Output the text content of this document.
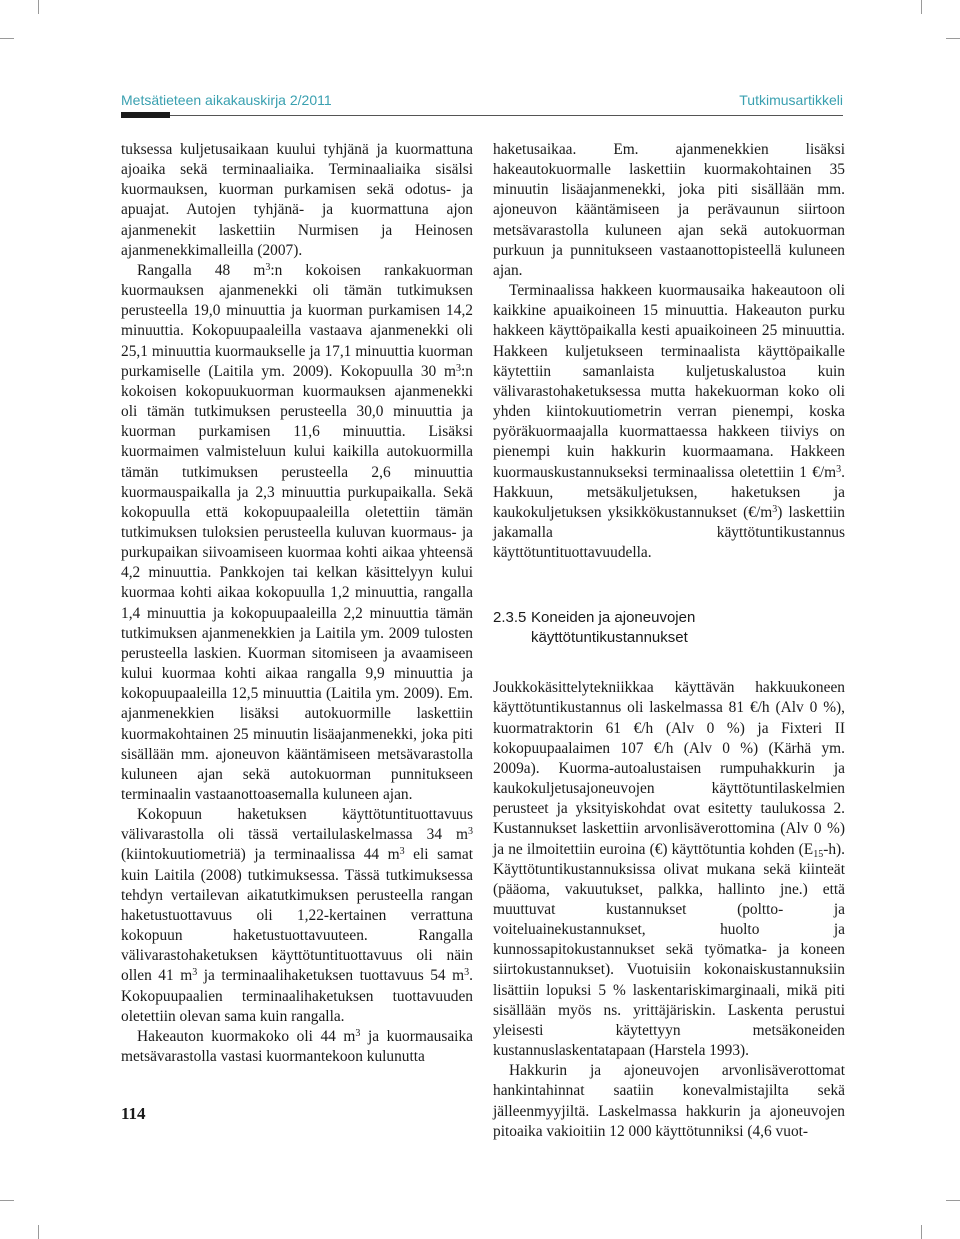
Metsätieteen aikakauskirja 2/2011	Tutkimusartikkeli

tuksessa kuljetusaikaan kuului tyhjänä ja kuormattuna ajoaika sekä terminaaliaika. Terminaaliaika sisälsi kuormauksen, kuorman purkamisen sekä odotus- ja apuajat. Autojen tyhjänä- ja kuormattuna ajon ajanmenekit laskettiin Nurmisen ja Heinosen ajanmenekkimalleilla (2007).

Rangalla 48 $m^3:n$ kokoisen rankakuorman kuormauksen ajanmenekki oli tämän tutkimuksen perusteella 19,0 minuuttia ja kuorman purkamisen 14,2 minuuttia. Kokopuupaaleilla vastaava ajanmenekki oli 25,1 minuuttia kuormaukselle ja 17,1 minuuttia kuorman purkamiselle (Laitila ym. 2009). Kokopuulla 30 $m^3:n$ kokoisen kokopuukuorman kuormauksen ajanmenekki oli tämän tutkimuksen perusteella 30,0 minuuttia ja kuorman purkamisen 11,6 minuuttia. Lisäksi kuormaimen valmisteluun kului kaikilla autokuormilla tämän tutkimuksen perusteella 2,6 minuuttia kuormauspaikalla ja 2,3 minuuttia purkupaikalla. Sekä kokopuulla että kokopuupaaleilla oletettiin tämän tutkimuksen tuloksien perusteella kuluvan kuormaus- ja purkupaikan siivoamiseen kuormaa kohti aikaa yhteensä 4,2 minuuttia. Pankkojen tai kelkan käsittelyyn kului kuormaa kohti aikaa kokopuulla 1,2 minuuttia, rangalla 1,4 minuuttia ja kokopuupaaleilla 2,2 minuuttia tämän tutkimuksen ajanmenekkien ja Laitila ym. 2009 tulosten perusteella laskien. Kuorman sitomiseen ja avaamiseen kului kuormaa kohti aikaa rangalla 9,9 minuuttia ja kokopuupaaleilla 12,5 minuuttia (Laitila ym. 2009). Em. ajanmenekkien lisäksi autokuormille laskettiin kuormakohtainen 25 minuutin lisäajanmenekki, joka piti sisällään mm. ajoneuvon kääntämiseen metsävarastolla kuluneen ajan sekä autokuorman punnitukseen terminaalin vastaanottoasemalla kuluneen ajan.

Kokopuun haketuksen käyttötuntituottavuus välivarastolla oli tässä vertailulaskelmassa 34 $m^3$ (kiintokuutiometriä) ja terminaalissa 44 $m^3$ eli samat kuin Laitila (2008) tutkimuksessa. Tässä tutkimuksessa tehdyn vertailevan aikatutkimuksen perusteella rangan haketustuottavuus oli 1,22-kertainen verrattuna kokopuun haketustuottavuuteen. Rangalla välivarastohaketuksen käyttötuntituottavuus oli näin ollen 41 $m^3$ ja terminaalihaketuksen tuottavuus 54 $m^3$. Kokopuupaalien terminaalihaketuksen tuottavuuden oletettiin olevan sama kuin rangalla.

Hakeauton kuormakoko oli 44 $m^3$ ja kuormausaika metsävarastolla vastasi kuormantekoon kulunutta

haketusaikaa. Em. ajanmenekkien lisäksi hakeautokuormalle laskettiin kuormakohtainen 35 minuutin lisäajanmenekki, joka piti sisällään mm. ajoneuvon kääntämiseen ja perävaunun siirtoon metsävarastolla kuluneen ajan sekä autokuorman purkuun ja punnitukseen vastaanottopisteellä kuluneen ajan.

Terminaalissa hakkeen kuormausaika hakeautoon oli kaikkine apuaikoineen 15 minuuttia. Hakeauton purku hakkeen käyttöpaikalla kesti apuaikoineen 25 minuuttia. Hakkeen kuljetukseen terminaalista käyttöpaikalle käytettiin samanlaista kuljetuskalustoa kuin välivarastohaketuksessa mutta hakekuorman koko oli yhden kiintokuutiometrin verran pienempi, koska pyöräkuormaajalla kuormattaessa hakkeen tiiviys on pienempi kuin hakkurin kuormaamana. Hakkeen kuormauskustannukseksi terminaalissa oletettiin 1 $€/m^3$. Hakkuun, metsäkuljetuksen, haketuksen ja kaukokuljetuksen yksikkökustannukset $(€/m^3)$ laskettiin jakamalla käyttötuntikustannus käyttötuntituottavuudella.

2.3.5 Koneiden ja ajoneuvojen käyttötuntikustannukset

Joukkokäsittelytekniikkaa käyttävän hakkuukoneen käyttötuntikustannus oli laskelmassa 81 €/h (Alv 0 %), kuormatraktorin 61 €/h (Alv 0 %) ja Fixteri II kokopuupaalaimen 107 €/h (Alv 0 %) (Kärhä ym. 2009a). Kuorma-autoalustaisen rumpuhakkurin ja kaukokuljetusajoneuvojen käyttötuntilaskelmien perusteet ja yksityiskohdat ovat esitetty taulukossa 2. Kustannukset laskettiin arvonlisäverottomina (Alv 0 %) ja ne ilmoitettiin euroina (€) käyttötuntia kohden $(E_{15}-h)$. Käyttötuntikustannuksissa olivat mukana sekä kiinteät (pääoma, vakuutukset, palkka, hallinto jne.) että muuttuvat kustannukset (poltto- ja voiteluainekustannukset, huolto ja kunnossapitokustannukset sekä työmatka- ja koneen siirtokustannukset). Vuotuisiin kokonaiskustannuksiin lisättiin lopuksi 5 % laskentariskimarginaali, mikä piti sisällään myös ns. yrittäjäriskin. Laskenta perustui yleisesti käytettyyn metsäkoneiden kustannuslaskentatapaan (Harstela 1993).

Hakkurin ja ajoneuvojen arvonlisäverottomat hankintahinnat saatiin konevalmistajilta sekä jälleenmyyjiltä. Laskelmassa hakkurin ja ajoneuvojen pitoaika vakioitiin 12 000 käyttötunniksi (4,6 vuot-

114
